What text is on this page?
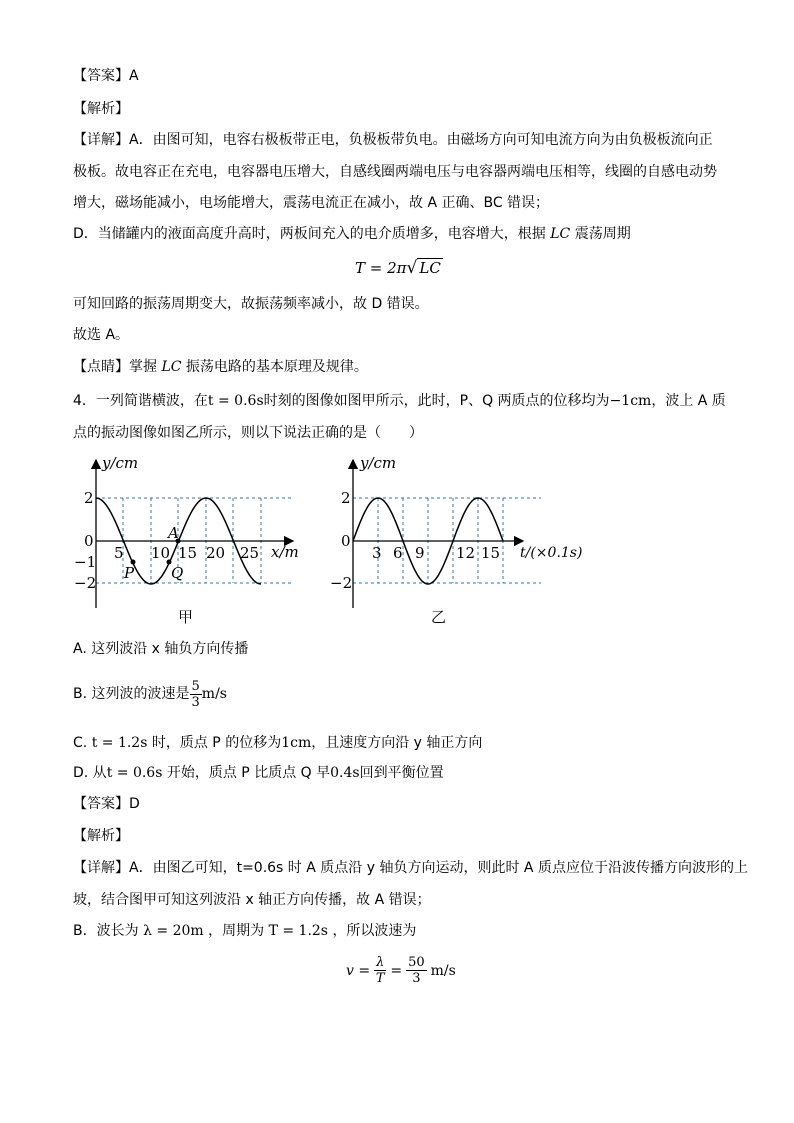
【答案】A
【解析】
【详解】A．由图可知，电容右极板带正电，负极板带负电。由磁场方向可知电流方向为由负极板流向正
极板。故电容正在充电，电容器电压增大，自感线圈两端电压与电容器两端电压相等，线圈的自感电动势
增大，磁场能减小，电场能增大，震荡电流正在减小，故 A 正确、BC 错误；
D．当储罐内的液面高度升高时，两板间充入的电介质增多，电容增大，根据 LC 震荡周期
T = 2π√ LC
可知回路的振荡周期变大，故振荡频率减小，故 D 错误。
故选 A。
【点睛】掌握 LC 振荡电路的基本原理及规律。
4．一列简谐横波，在t = 0.6s时刻的图像如图甲所示，此时，P、Q 两质点的位移均为−1cm，波上 A 质
点的振动图像如图乙所示，则以下说法正确的是（　　）
y/cm
x/m
2
0
−1
−2
5 10 15 20 25
A
P Q
甲
y/cm
t/(×0.1s)
2
0
−2
3 6 9 12 15
乙
A. 这列波沿 x 轴负方向传播
B. 这列波的波速是 $\frac{5}{3} m/s$
C. t = 1.2s 时，质点 P 的位移为1cm，且速度方向沿 y 轴正方向
D. 从t = 0.6s 开始，质点 P 比质点 Q 早0.4s回到平衡位置
【答案】D
【解析】
【详解】A．由图乙可知，t=0.6s 时 A 质点沿 y 轴负方向运动，则此时 A 质点应位于沿波传播方向波形的上
坡，结合图甲可知这列波沿 x 轴正方向传播，故 A 错误；
B．波长为 λ = 20m ，周期为 T = 1.2s ，所以波速为
$v = \frac{\lambda}{T} = \frac{50}{3} m/s$
